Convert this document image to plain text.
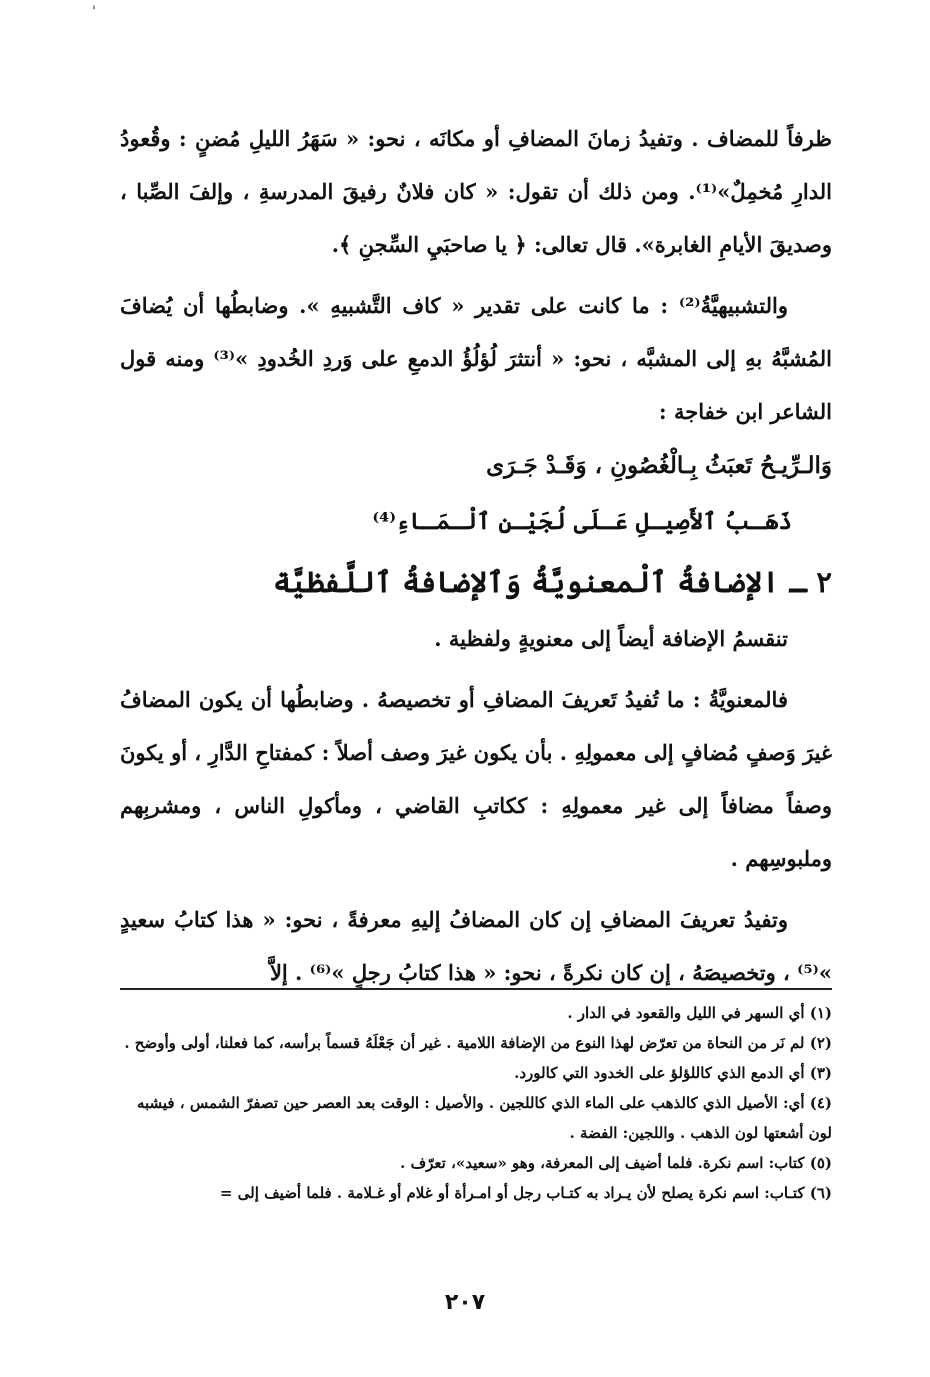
'

ظرفاً للمضاف . وتفيدُ زمانَ المضافِ أو مكانَه ، نحو: « سَهَرُ الليلِ مُضنٍ : وقُعودُ الدارِ مُخمِلٌ»⁽¹⁾. ومن ذلك أن تقول: « كان فلانٌ رفيقَ المدرسةِ ، وإلفَ الصِّبا ، وصديقَ الأيامِ الغابرة». قال تعالى: ﴿ يا صاحبَيِ السِّجنِ ﴾.

والتشبيهيَّةُ⁽²⁾ : ما كانت على تقدير « كاف التَّشبيهِ ». وضابطُها أن يُضافَ المُشبَّهُ بهِ إلى المشبَّه ، نحو: « أنتثرَ لُؤلُؤُ الدمعِ على وَردِ الخُدودِ »⁽³⁾ ومنه قول الشاعر ابن خفاجة :

وَالـرِّيـحُ تَعبَثُ بِـالْغُصُونِ ، وَقَـدْ جَـرَى

ذَهَـبُ ٱلأَصِيـلِ عَـلَى لُجَيْـنِ ٱلْـمَـاءِ⁽⁴⁾

٢ ـ الإضافةُ ٱلْمعنويَّةُ وَٱلإضافةُ ٱللَّفظيَّة

تنقسمُ الإضافة أيضاً إلى معنويةٍ ولفظية .

فالمعنويَّةُ : ما تُفيدُ تَعريفَ المضافِ أو تخصيصهُ . وضابطُها أن يكون المضافُ غيرَ وَصفٍ مُضافٍ إلى معمولِهِ . بأن يكون غيرَ وصف أصلاً : كمفتاحِ الدَّارِ ، أو يكونَ وصفاً مضافاً إلى غير معمولِهِ : ككاتبِ القاضي ، ومأكولِ الناس ، ومشربِهم وملبوسِهم .

وتفيدُ تعريفَ المضافِ إن كان المضافُ إليهِ معرفةً ، نحو: « هذا كتابُ سعيدٍ »⁽⁵⁾ ، وتخصيصَهُ ، إن كان نكرةً ، نحو: « هذا كتابُ رجلٍ »⁽⁶⁾ . إلاَّ

(١) أي السهر في الليل والقعود في الدار .

(٢) لم نَر من النحاة من تعرّض لهذا النوع من الإضافة اللامية . غير أن جَعْلَهُ قسماً برأسه، كما فعلنا، أولى وأوضح .

(٣) أي الدمع الذي كاللؤلؤ على الخدود التي كالورد.

(٤) أي: الأصيل الذي كالذهب على الماء الذي كاللجين . والأصيل : الوقت بعد العصر حين تصفرّ الشمس ، فيشبه لون أشعتها لون الذهب . واللجين: الفضة .

(٥) كتاب: اسم نكرة. فلما أضيف إلى المعرفة، وهو «سعيد»، تعرّف .

(٦) كتـاب: اسم نكرة يصلح لأن يـراد به كتـاب رجل أو امـرأة أو غلام أو غـلامة . فلما أضيف إلى =

٢٠٧
